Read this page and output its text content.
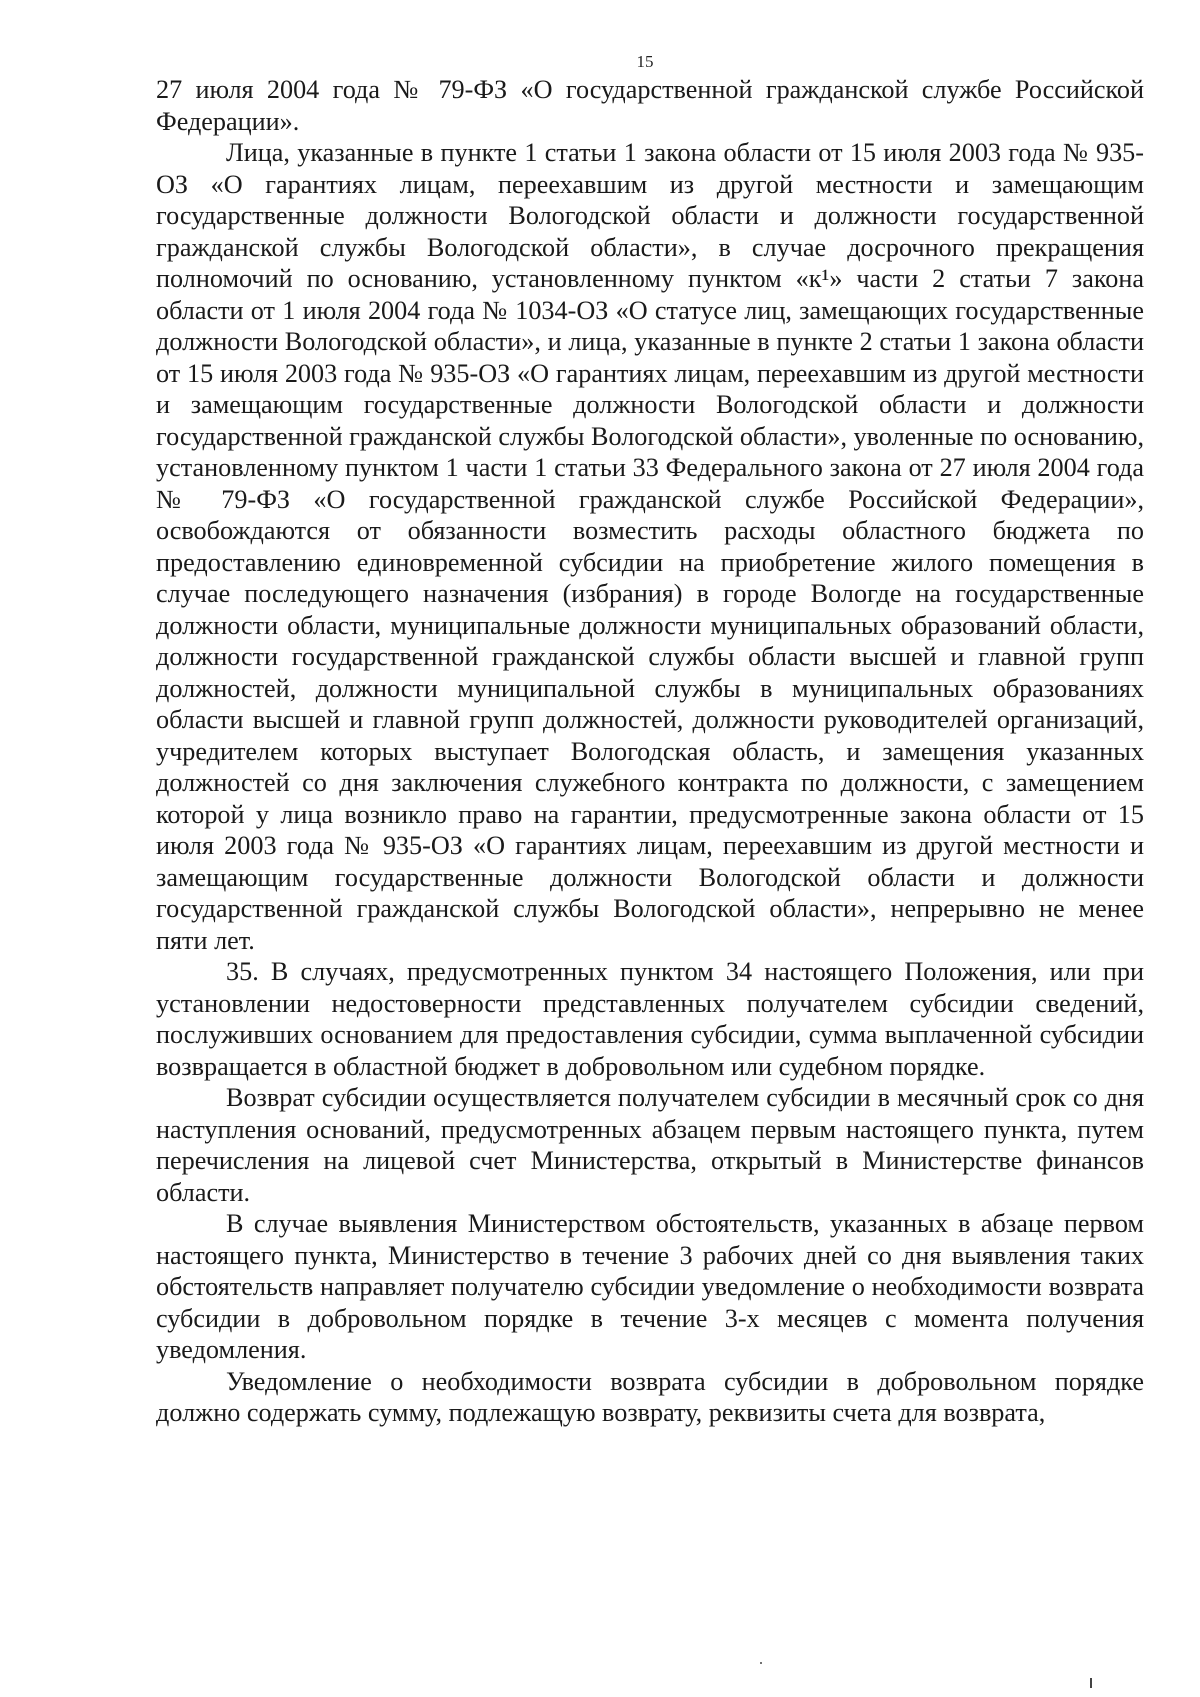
15

27 июля 2004 года № 79-ФЗ «О государственной гражданской службе Российской Федерации».

Лица, указанные в пункте 1 статьи 1 закона области от 15 июля 2003 года № 935-ОЗ «О гарантиях лицам, переехавшим из другой местности и замещающим государственные должности Вологодской области и должности государственной гражданской службы Вологодской области», в случае досрочного прекращения полномочий по основанию, установленному пунктом «к¹» части 2 статьи 7 закона области от 1 июля 2004 года № 1034-ОЗ «О статусе лиц, замещающих государственные должности Вологодской области», и лица, указанные в пункте 2 статьи 1 закона области от 15 июля 2003 года № 935-ОЗ «О гарантиях лицам, переехавшим из другой местности и замещающим государственные должности Вологодской области и должности государственной гражданской службы Вологодской области», уволенные по основанию, установленному пунктом 1 части 1 статьи 33 Федерального закона от 27 июля 2004 года № 79-ФЗ «О государственной гражданской службе Российской Федерации», освобождаются от обязанности возместить расходы областного бюджета по предоставлению единовременной субсидии на приобретение жилого помещения в случае последующего назначения (избрания) в городе Вологде на государственные должности области, муниципальные должности муниципальных образований области, должности государственной гражданской службы области высшей и главной групп должностей, должности муниципальной службы в муниципальных образованиях области высшей и главной групп должностей, должности руководителей организаций, учредителем которых выступает Вологодская область, и замещения указанных должностей со дня заключения служебного контракта по должности, с замещением которой у лица возникло право на гарантии, предусмотренные закона области от 15 июля 2003 года № 935-ОЗ «О гарантиях лицам, переехавшим из другой местности и замещающим государственные должности Вологодской области и должности государственной гражданской службы Вологодской области», непрерывно не менее пяти лет.

35. В случаях, предусмотренных пунктом 34 настоящего Положения, или при установлении недостоверности представленных получателем субсидии сведений, послуживших основанием для предоставления субсидии, сумма выплаченной субсидии возвращается в областной бюджет в добровольном или судебном порядке.

Возврат субсидии осуществляется получателем субсидии в месячный срок со дня наступления оснований, предусмотренных абзацем первым настоящего пункта, путем перечисления на лицевой счет Министерства, открытый в Министерстве финансов области.

В случае выявления Министерством обстоятельств, указанных в абзаце первом настоящего пункта, Министерство в течение 3 рабочих дней со дня выявления таких обстоятельств направляет получателю субсидии уведомление о необходимости возврата субсидии в добровольном порядке в течение 3-х месяцев с момента получения уведомления.

Уведомление о необходимости возврата субсидии в добровольном порядке должно содержать сумму, подлежащую возврату, реквизиты счета для возврата,
